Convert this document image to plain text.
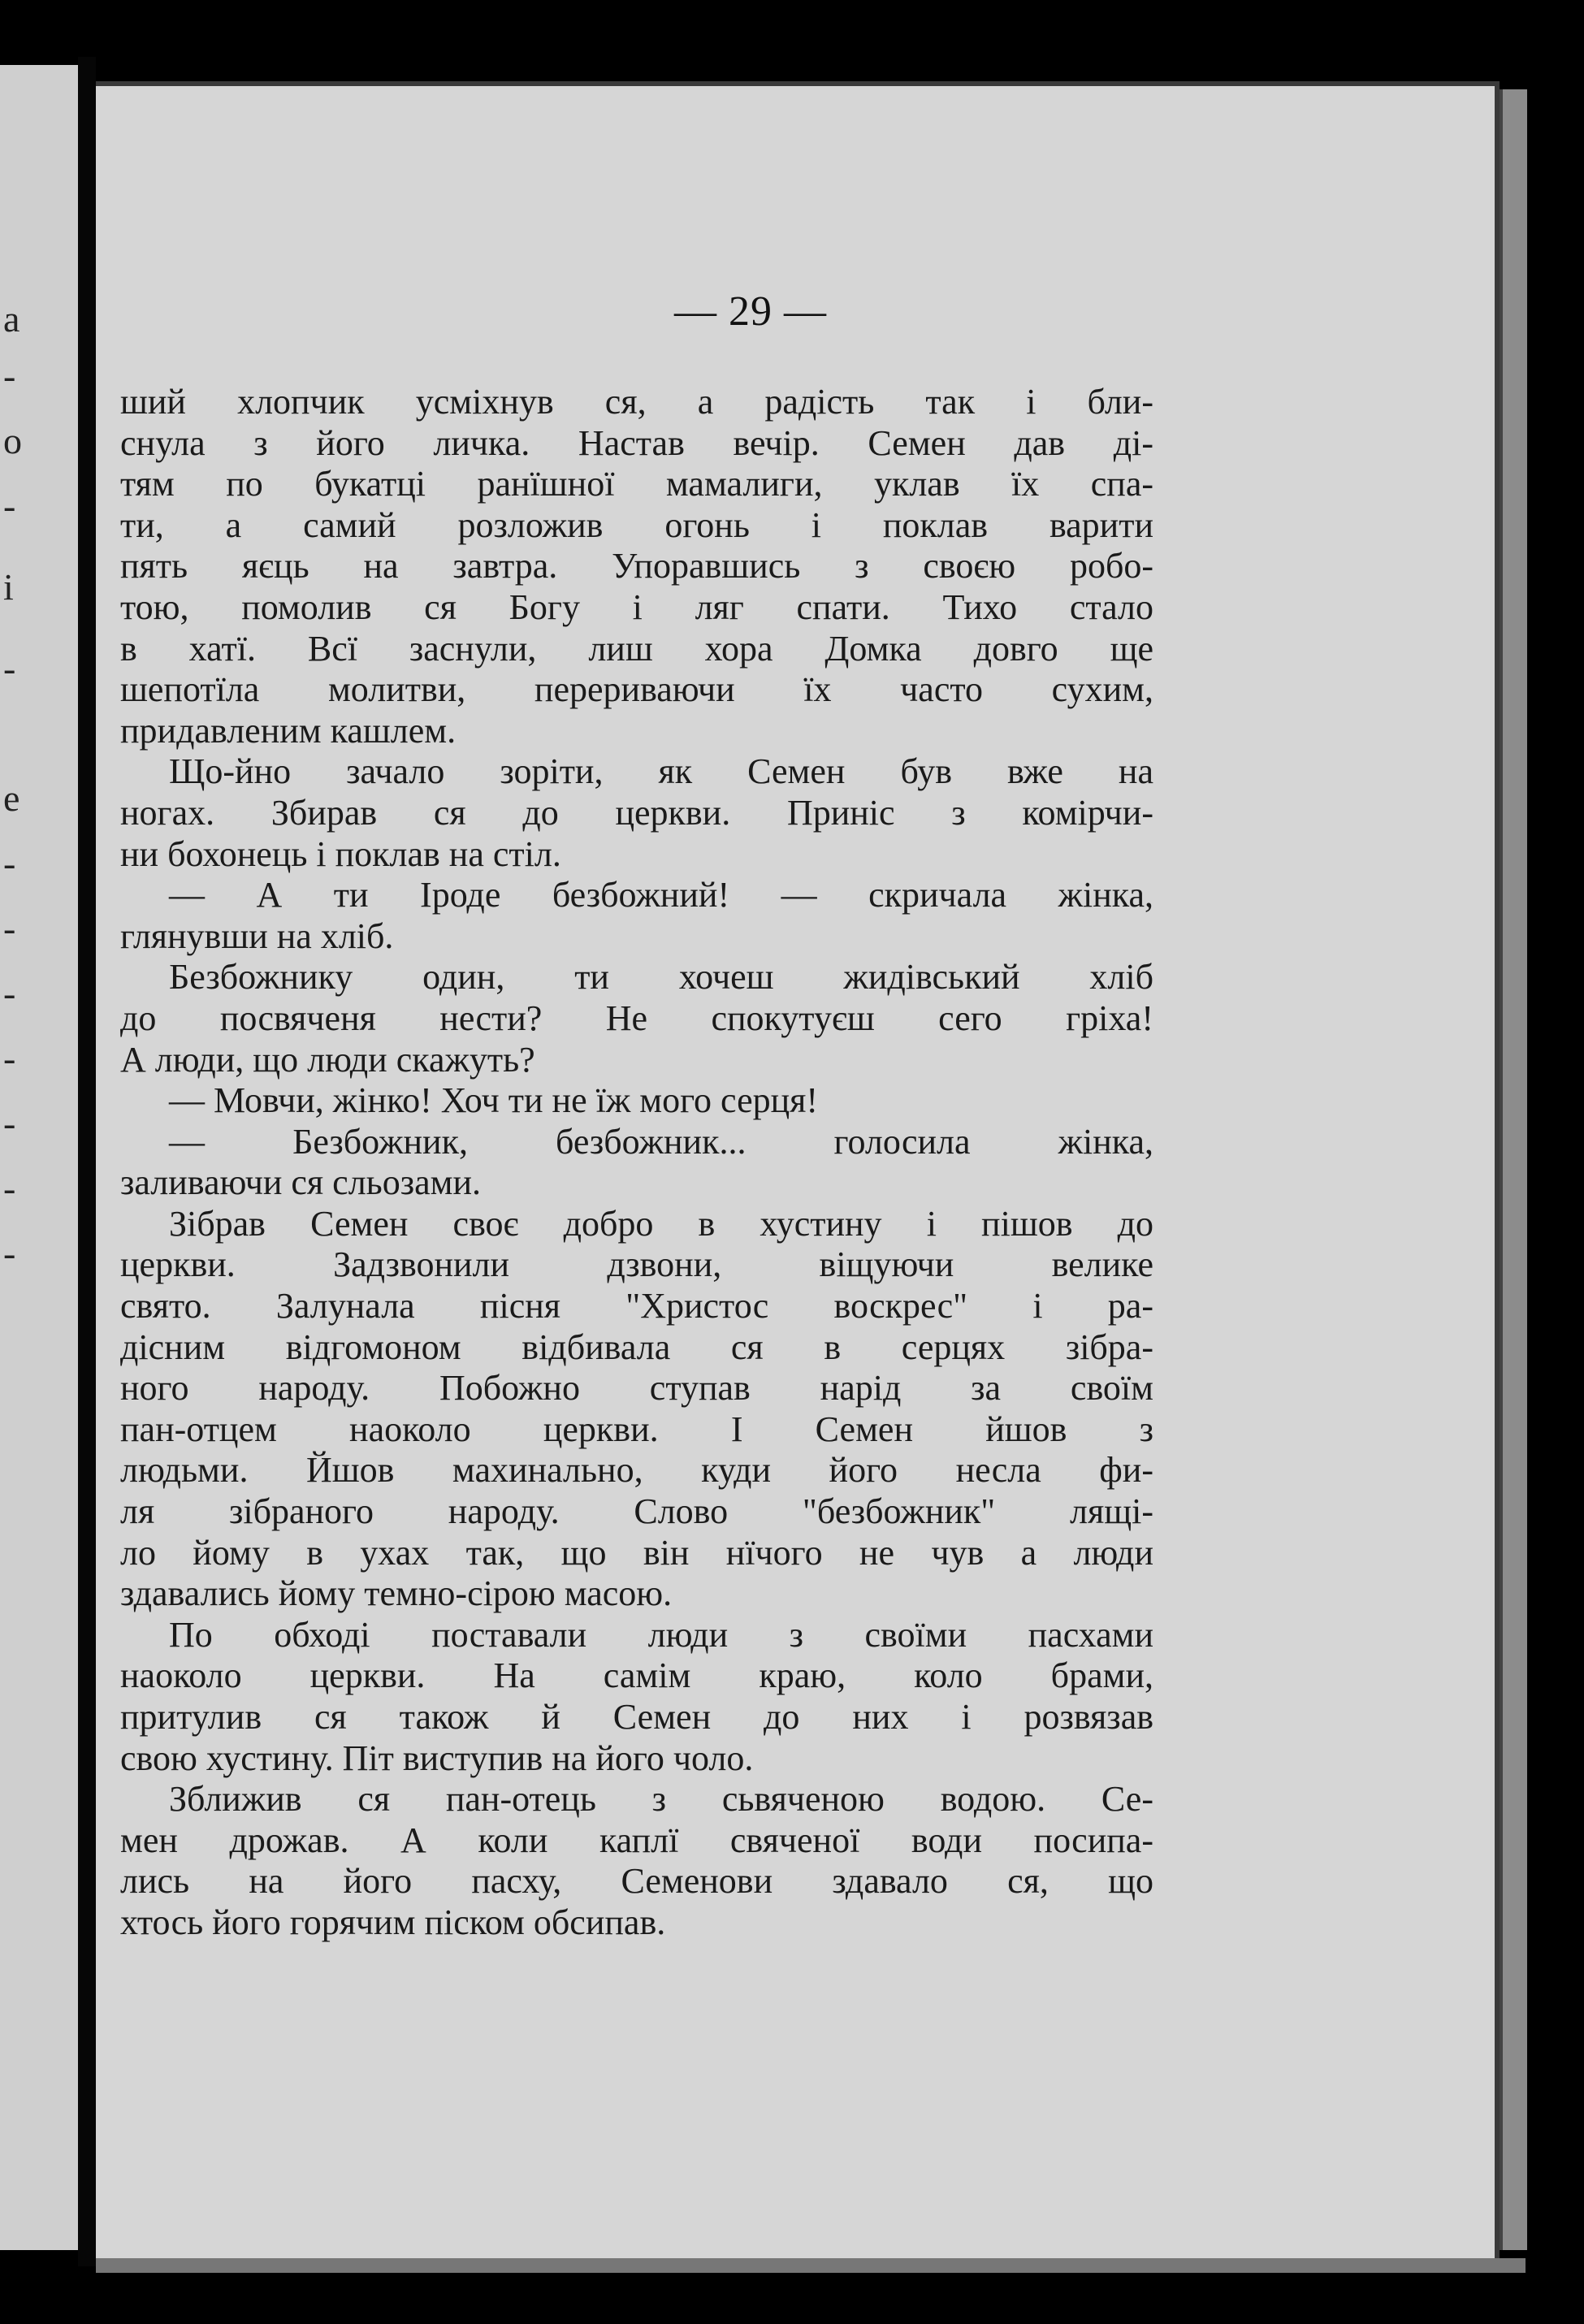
a
-
o
-
i
-
e
-
-
-
-
-
-
-
— 29 —
ший хлопчик усміхнув ся, а радість так і бли-
снула з його личка. Настав вечір. Семен дав ді-
тям по букатці ранїшної мамалиги, уклав їх спа-
ти, а самий розложив огонь і поклав варити
пять яєць на завтра. Упоравшись з своєю робо-
тою, помолив ся Богу і ляг спати. Тихо стало
в хатї. Всї заснули, лиш хора Домка довго ще
шепотїла молитви, перериваючи їх часто сухим,
придавленим кашлем.
Що-йно зачало зоріти, як Семен був вже на
ногах. Збирав ся до церкви. Приніс з комірчи-
ни бохонець і поклав на стіл.
— А ти Іроде безбожний! — скричала жінка,
глянувши на хліб.
Безбожнику один, ти хочеш жидівський хліб
до посвяченя нести? Не спокутуєш сего гріха!
А люди, що люди скажуть?
— Мовчи, жінко! Хоч ти не їж мого серця!
— Безбожник, безбожник... голосила жінка,
заливаючи ся сльозами.
Зібрав Семен своє добро в хустину і пішов до
церкви. Задзвонили дзвони, віщуючи велике
свято. Залунала пісня "Христос воскрес" і ра-
дісним відгомоном відбивала ся в серцях зібра-
ного народу. Побожно ступав нарід за своїм
пан-отцем наоколо церкви. І Семен йшов з
людьми. Йшов махинально, куди його несла фи-
ля зібраного народу. Слово "безбожник" лящі-
ло йому в ухах так, що він нїчого не чув а люди
здавались йому темно-сірою масою.
По обході поставали люди з своїми пасхами
наоколо церкви. На самім краю, коло брами,
притулив ся також й Семен до них і розвязав
свою хустину. Піт виступив на його чоло.
Зближив ся пан-отець з сьвяченою водою. Се-
мен дрожав. А коли каплї свяченої води посипа-
лись на його пасху, Семенови здавало ся, що
хтось його горячим піском обсипав.
